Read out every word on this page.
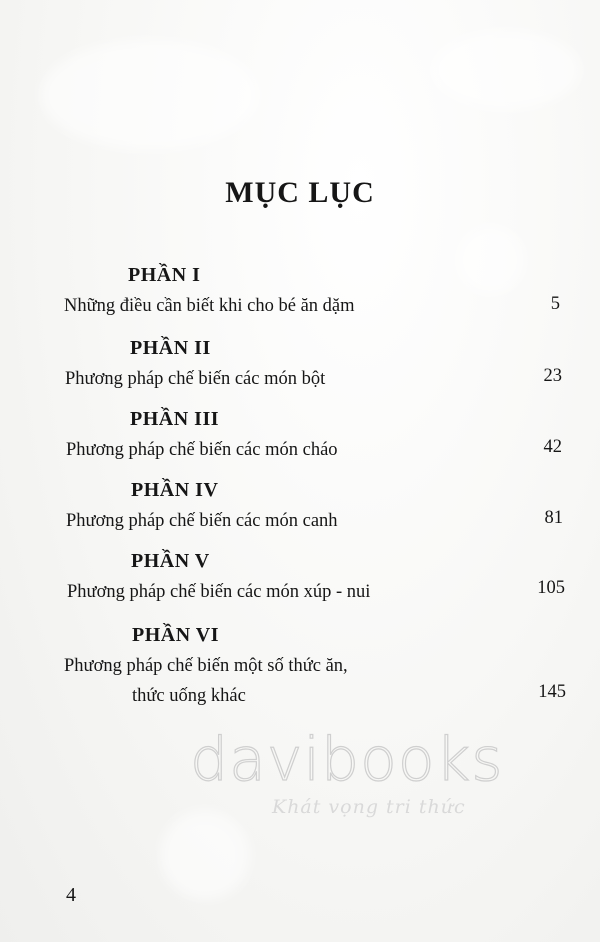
MỤC LỤC
PHẦN I
Những điều cần biết khi cho bé ăn dặm	5
PHẦN II
Phương pháp chế biến các món bột	23
PHẦN III
Phương pháp chế biến các món cháo	42
PHẦN IV
Phương pháp chế biến các món canh	81
PHẦN V
Phương pháp chế biến các món xúp - nui	105
PHẦN VI
Phương pháp chế biến một số thức ăn,
thức uống khác	145
davibooks
Khát vọng tri thức
4
